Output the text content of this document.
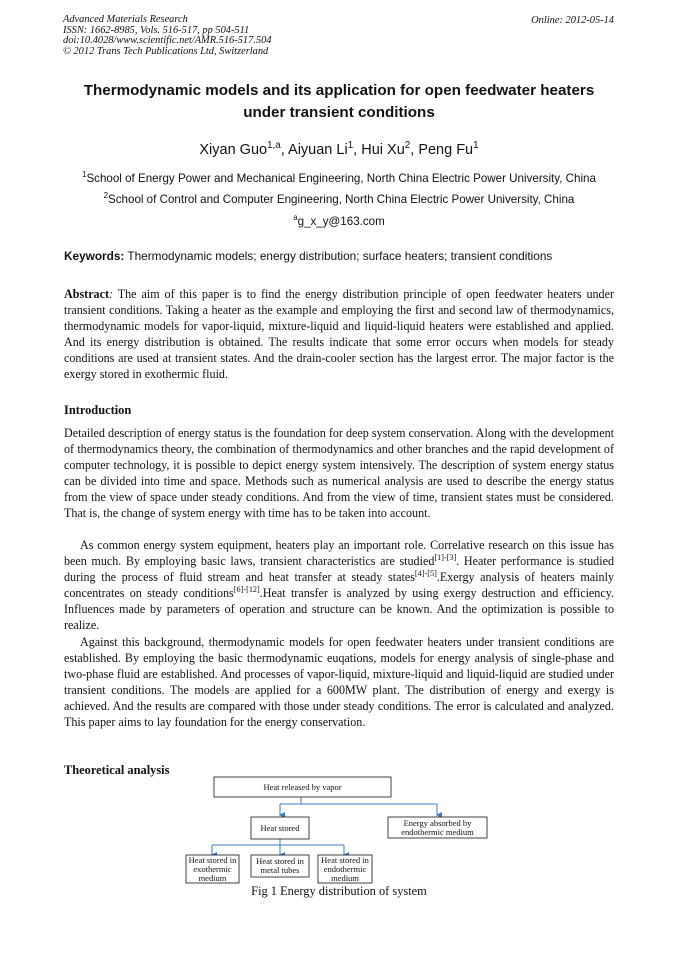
Advanced Materials Research
ISSN: 1662-8985, Vols. 516-517, pp 504-511
doi:10.4028/www.scientific.net/AMR.516-517.504
© 2012 Trans Tech Publications Ltd, Switzerland
Online: 2012-05-14
Thermodynamic models and its application for open feedwater heaters
under transient conditions
Xiyan Guo$^{1,a}$, Aiyuan Li$^1$, Hui Xu$^2$, Peng Fu$^1$
$^1$School of Energy Power and Mechanical Engineering, North China Electric Power University, China
$^2$School of Control and Computer Engineering, North China Electric Power University, China
$^a$g_x_y@163.com
Keywords: Thermodynamic models; energy distribution; surface heaters; transient conditions

Abstract: The aim of this paper is to find the energy distribution principle of open feedwater heaters under transient conditions. Taking a heater as the example and employing the first and second law of thermodynamics, thermodynamic models for vapor-liquid, mixture-liquid and liquid-liquid heaters were established and applied. And its energy distribution is obtained. The results indicate that some error occurs when models for steady conditions are used at transient states. And the drain-cooler section has the largest error. The major factor is the exergy stored in exothermic fluid.

Introduction

Detailed description of energy status is the foundation for deep system conservation. Along with the development of thermodynamics theory, the combination of thermodynamics and other branches and the rapid development of computer technology, it is possible to depict energy system intensively. The description of system energy status can be divided into time and space. Methods such as numerical analysis are used to describe the energy status from the view of space under steady conditions. And from the view of time, transient states must be considered. That is, the change of system energy with time has to be taken into account.

As common energy system equipment, heaters play an important role. Correlative research on this issue has been much. By employing basic laws, transient characteristics are studied[1]-[3]. Heater performance is studied during the process of fluid stream and heat transfer at steady states[4]-[5].Exergy analysis of heaters mainly concentrates on steady conditions[6]-[12].Heat transfer is analyzed by using exergy destruction and efficiency. Influences made by parameters of operation and structure can be known. And the optimization is possible to realize.

Against this background, thermodynamic models for open feedwater heaters under transient conditions are established. By employing the basic thermodynamic euqations, models for energy analysis of single-phase and two-phase fluid are established. And processes of vapor-liquid, mixture-liquid and liquid-liquid are studied under transient conditions. The models are applied for a 600MW plant. The distribution of energy and exergy is achieved. And the results are compared with those under steady conditions. The error is calculated and analyzed. This paper aims to lay foundation for the energy conservation.

Theoretical analysis
Heat released by vapor
Heat stored	Energy absorbed by
endothermic medium
Heat stored in
exothermic
medium
Heat stored in
metal tubes
Heat stored in
endothermic
medium
Fig 1 Energy distribution of system
